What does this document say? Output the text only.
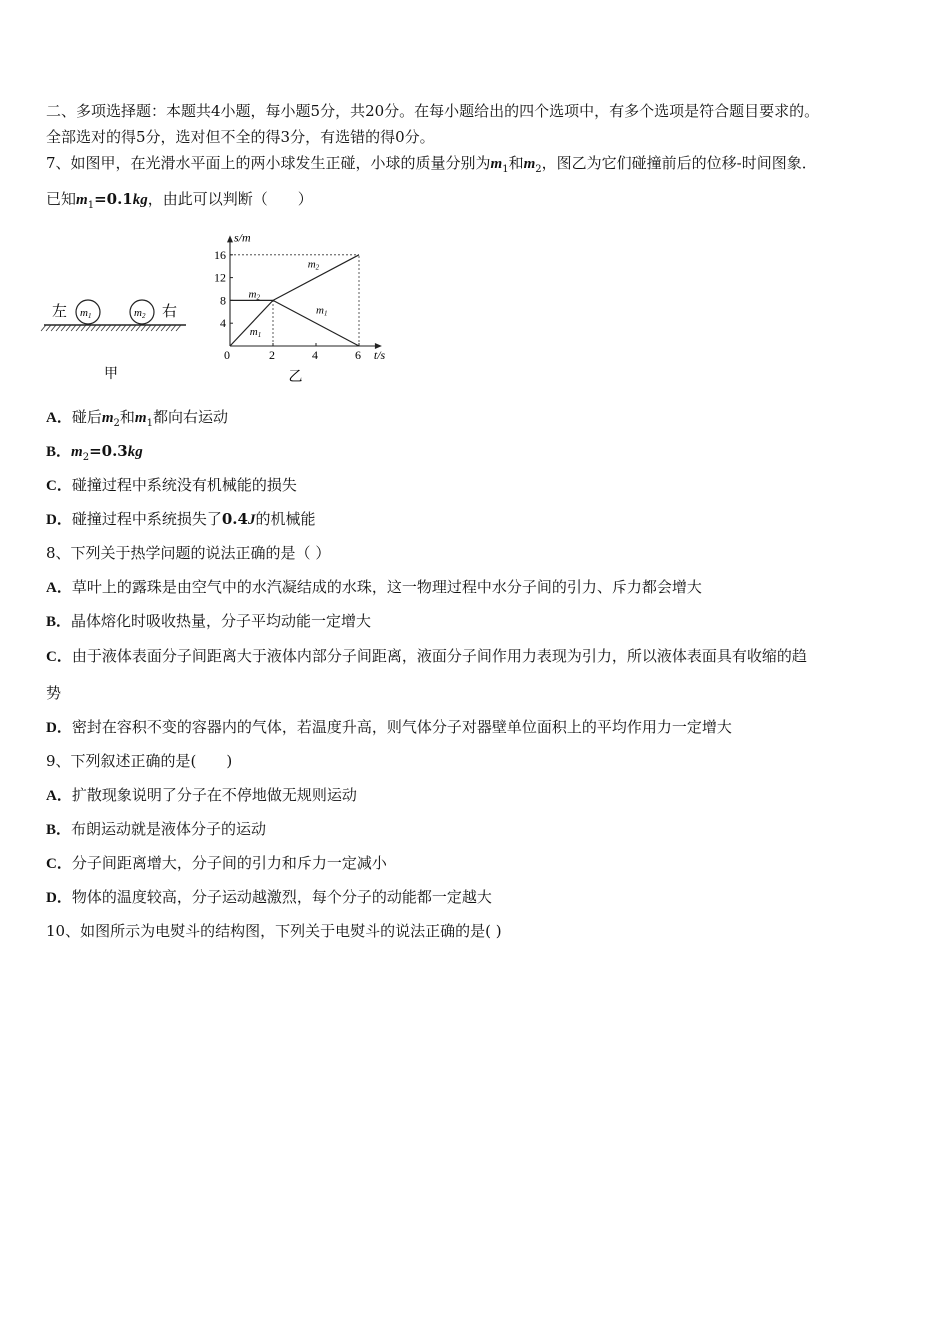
二、多项选择题：本题共4小题，每小题5分，共20分。在每小题给出的四个选项中，有多个选项是符合题目要求的。
全部选对的得5分，选对但不全的得3分，有选错的得0分。
7、如图甲，在光滑水平面上的两小球发生正碰，小球的质量分别为$m_1$和$m_2$，图乙为它们碰撞前后的位移-时间图象．
已知$m_1=0.1kg$，由此可以判断（　　）
左 m1	m2 右
甲
2	4	6
4
8
12
16
0	t/s
s/m
m2
m2
m1
m1
乙
A．碰后$m_2$和$m_1$都向右运动
B．$m_2=0.3kg$
C．碰撞过程中系统没有机械能的损失
D．碰撞过程中系统损失了0.4J的机械能
8、下列关于热学问题的说法正确的是（ ）
A．草叶上的露珠是由空气中的水汽凝结成的水珠，这一物理过程中水分子间的引力、斥力都会增大
B．晶体熔化时吸收热量，分子平均动能一定增大
C．由于液体表面分子间距离大于液体内部分子间距离，液面分子间作用力表现为引力，所以液体表面具有收缩的趋
势
D．密封在容积不变的容器内的气体，若温度升高，则气体分子对器壁单位面积上的平均作用力一定增大
9、下列叙述正确的是(　　)
A．扩散现象说明了分子在不停地做无规则运动
B．布朗运动就是液体分子的运动
C．分子间距离增大，分子间的引力和斥力一定减小
D．物体的温度较高，分子运动越激烈，每个分子的动能都一定越大
10、如图所示为电熨斗的结构图，下列关于电熨斗的说法正确的是( )
